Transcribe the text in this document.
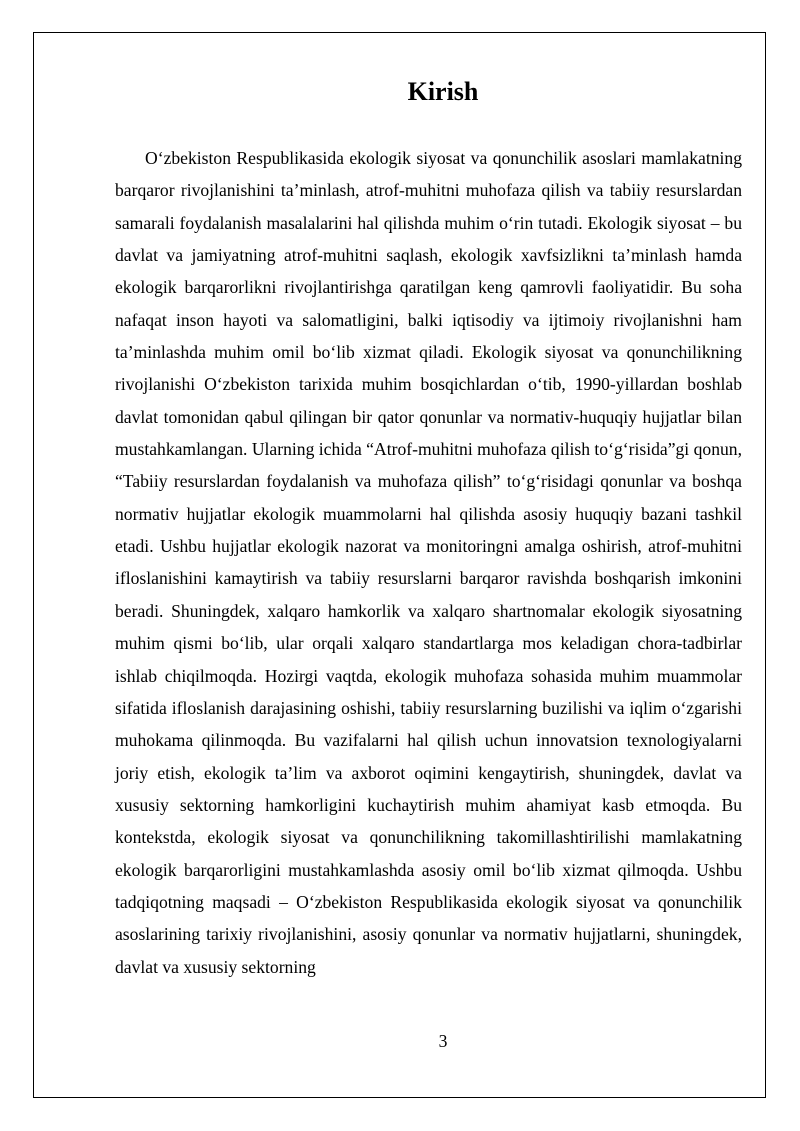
Kirish

O‘zbekiston Respublikasida ekologik siyosat va qonunchilik asoslari mamlakatning barqaror rivojlanishini ta’minlash, atrof-muhitni muhofaza qilish va tabiiy resurslardan samarali foydalanish masalalarini hal qilishda muhim o‘rin tutadi. Ekologik siyosat – bu davlat va jamiyatning atrof-muhitni saqlash, ekologik xavfsizlikni ta’minlash hamda ekologik barqarorlikni rivojlantirishga qaratilgan keng qamrovli faoliyatidir. Bu soha nafaqat inson hayoti va salomatligini, balki iqtisodiy va ijtimoiy rivojlanishni ham ta’minlashda muhim omil bo‘lib xizmat qiladi. Ekologik siyosat va qonunchilikning rivojlanishi O‘zbekiston tarixida muhim bosqichlardan o‘tib, 1990-yillardan boshlab davlat tomonidan qabul qilingan bir qator qonunlar va normativ-huquqiy hujjatlar bilan mustahkamlangan. Ularning ichida “Atrof-muhitni muhofaza qilish to‘g‘risida”gi qonun, “Tabiiy resurslardan foydalanish va muhofaza qilish” to‘g‘risidagi qonunlar va boshqa normativ hujjatlar ekologik muammolarni hal qilishda asosiy huquqiy bazani tashkil etadi. Ushbu hujjatlar ekologik nazorat va monitoringni amalga oshirish, atrof-muhitni ifloslanishini kamaytirish va tabiiy resurslarni barqaror ravishda boshqarish imkonini beradi. Shuningdek, xalqaro hamkorlik va xalqaro shartnomalar ekologik siyosatning muhim qismi bo‘lib, ular orqali xalqaro standartlarga mos keladigan chora-tadbirlar ishlab chiqilmoqda. Hozirgi vaqtda, ekologik muhofaza sohasida muhim muammolar sifatida ifloslanish darajasining oshishi, tabiiy resurslarning buzilishi va iqlim o‘zgarishi muhokama qilinmoqda. Bu vazifalarni hal qilish uchun innovatsion texnologiyalarni joriy etish, ekologik ta’lim va axborot oqimini kengaytirish, shuningdek, davlat va xususiy sektorning hamkorligini kuchaytirish muhim ahamiyat kasb etmoqda. Bu kontekstda, ekologik siyosat va qonunchilikning takomillashtirilishi mamlakatning ekologik barqarorligini mustahkamlashda asosiy omil bo‘lib xizmat qilmoqda. Ushbu tadqiqotning maqsadi – O‘zbekiston Respublikasida ekologik siyosat va qonunchilik asoslarining tarixiy rivojlanishini, asosiy qonunlar va normativ hujjatlarni, shuningdek, davlat va xususiy sektorning

3
